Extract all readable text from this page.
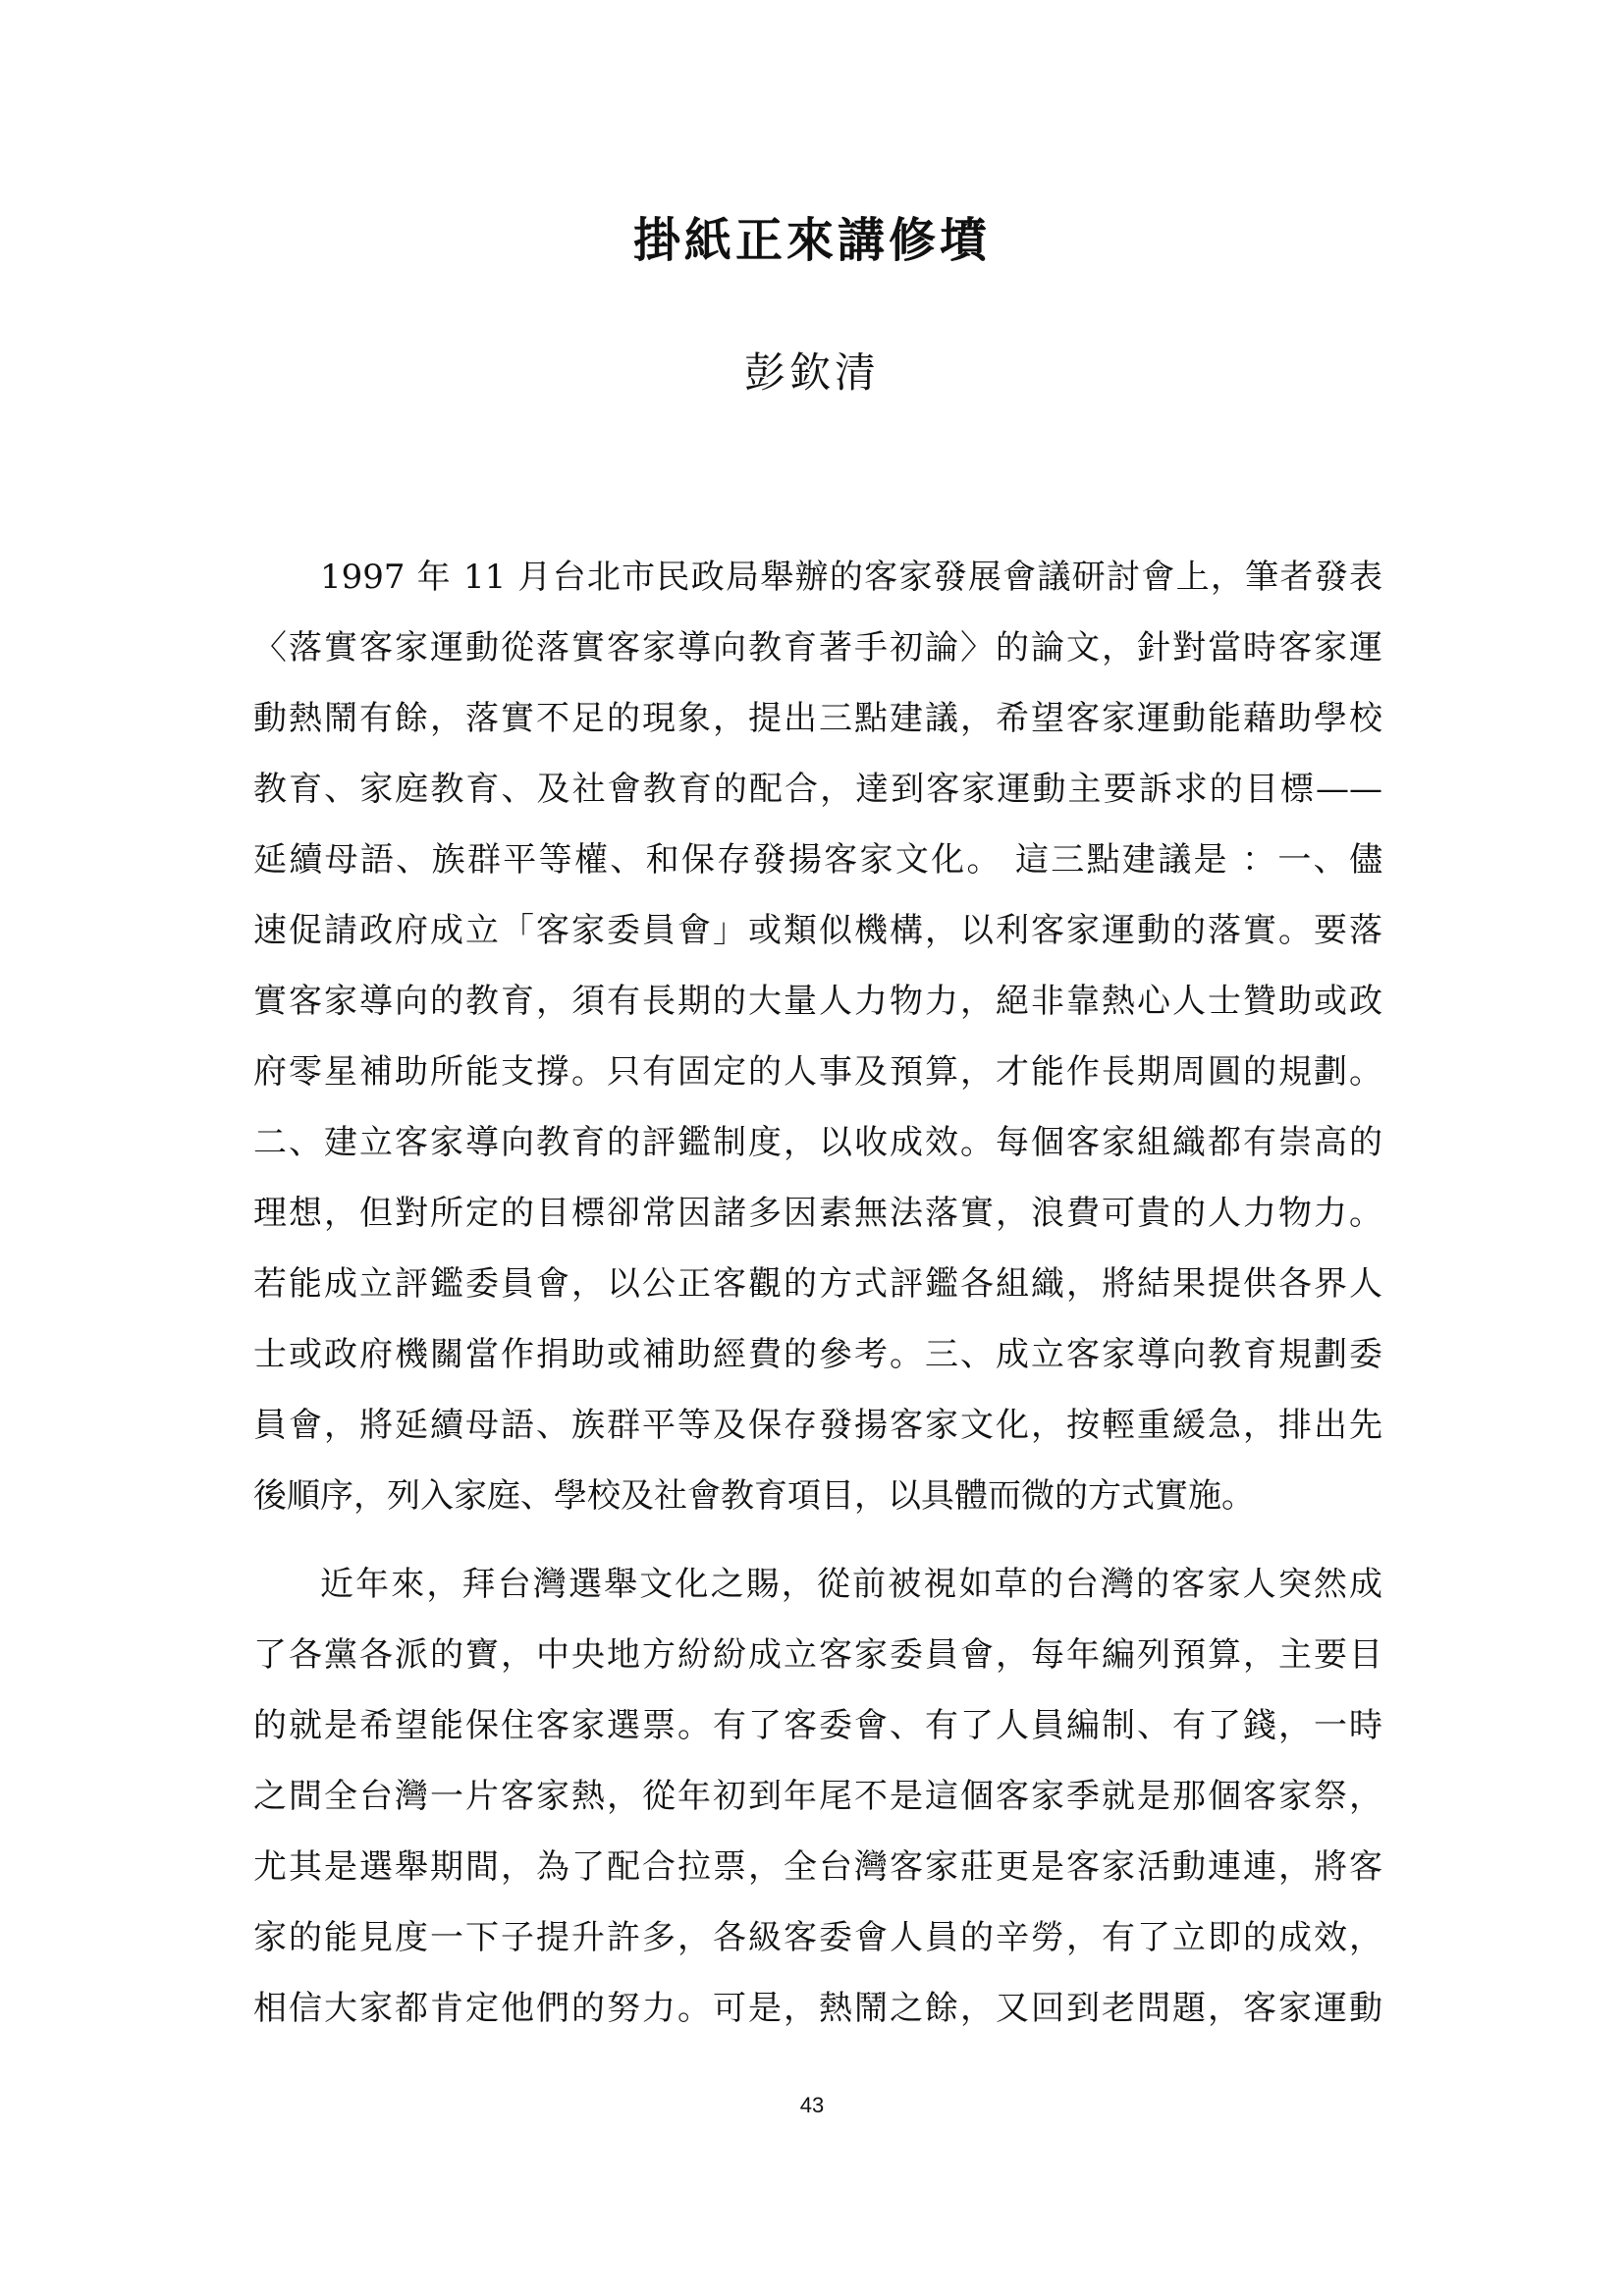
掛紙正來講修墳
彭欽清
1997 年 11 月台北市民政局舉辦的客家發展會議研討會上，筆者發表
〈落實客家運動從落實客家導向教育著手初論〉的論文，針對當時客家運
動熱鬧有餘，落實不足的現象，提出三點建議，希望客家運動能藉助學校
教育、家庭教育、及社會教育的配合，達到客家運動主要訴求的目標——
延續母語、族群平等權、和保存發揚客家文化。 這三點建議是 ：一、儘
速促請政府成立「客家委員會」或類似機構，以利客家運動的落實。要落
實客家導向的教育，須有長期的大量人力物力，絕非靠熱心人士贊助或政
府零星補助所能支撐。只有固定的人事及預算，才能作長期周圓的規劃。
二、建立客家導向教育的評鑑制度，以收成效。每個客家組織都有崇高的
理想，但對所定的目標卻常因諸多因素無法落實，浪費可貴的人力物力。
若能成立評鑑委員會，以公正客觀的方式評鑑各組織，將結果提供各界人
士或政府機關當作捐助或補助經費的參考。三、成立客家導向教育規劃委
員會，將延續母語、族群平等及保存發揚客家文化，按輕重緩急，排出先
後順序，列入家庭、學校及社會教育項目，以具體而微的方式實施。
近年來，拜台灣選舉文化之賜，從前被視如草的台灣的客家人突然成
了各黨各派的寶，中央地方紛紛成立客家委員會，每年編列預算，主要目
的就是希望能保住客家選票。有了客委會、有了人員編制、有了錢，一時
之間全台灣一片客家熱，從年初到年尾不是這個客家季就是那個客家祭，
尤其是選舉期間，為了配合拉票，全台灣客家莊更是客家活動連連，將客
家的能見度一下子提升許多，各級客委會人員的辛勞，有了立即的成效，
相信大家都肯定他們的努力。可是，熱鬧之餘，又回到老問題，客家運動
43
